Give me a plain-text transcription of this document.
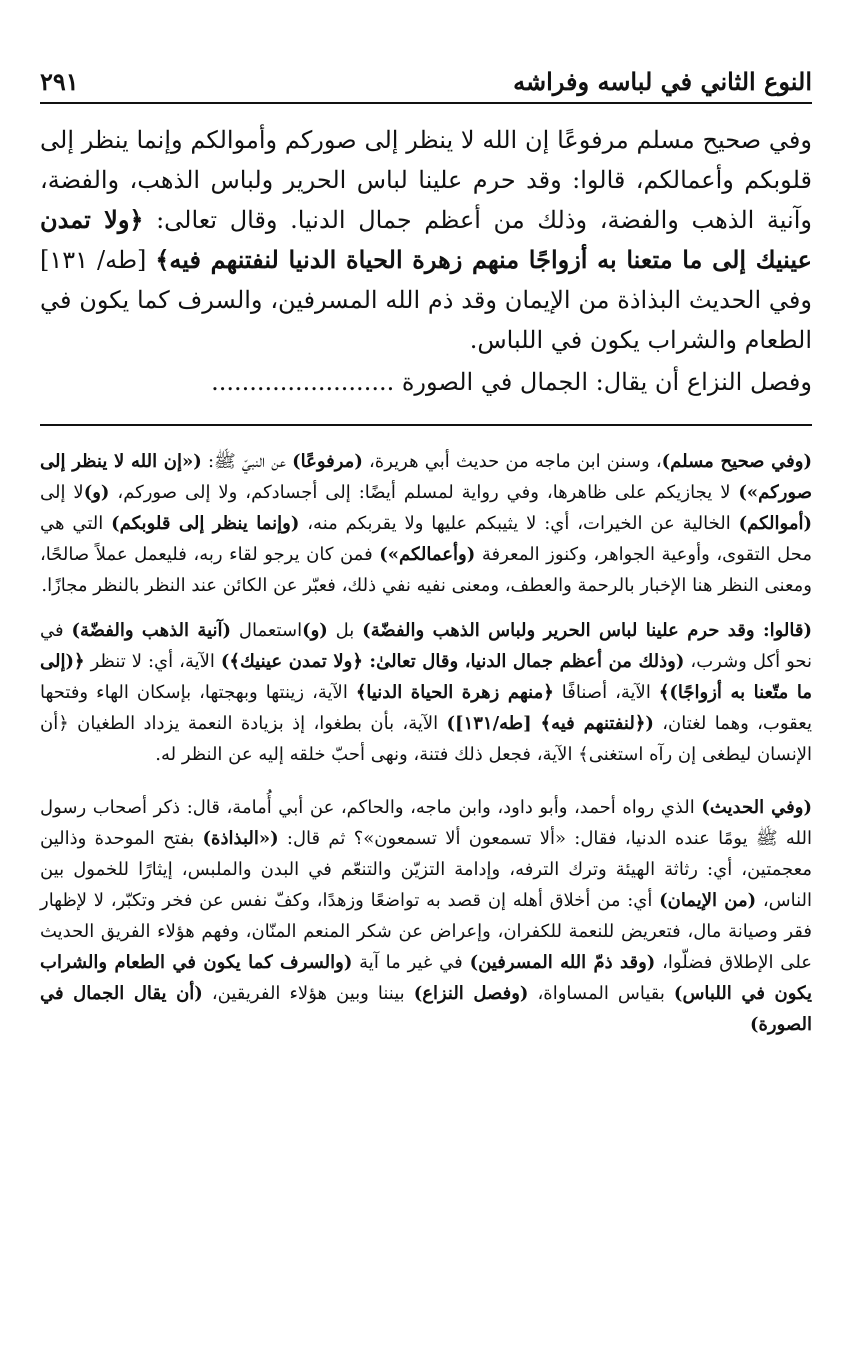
النوع الثاني في لباسه وفراشه
٢٩١

وفي صحيح مسلم مرفوعًا إن الله لا ينظر إلى صوركم وأموالكم وإنما ينظر إلى قلوبكم وأعمالكم، قالوا: وقد حرم علينا لباس الحرير ولباس الذهب، والفضة، وآنية الذهب والفضة، وذلك من أعظم جمال الدنيا. وقال تعالى: ﴿ولا تمدن عينيك إلى ما متعنا به أزواجًا منهم زهرة الحياة الدنيا لنفتنهم فيه﴾ [طه/ ١٣١] وفي الحديث البذاذة من الإيمان وقد ذم الله المسرفين، والسرف كما يكون في الطعام والشراب يكون في اللباس.

وفصل النزاع أن يقال: الجمال في الصورة ........................

(وفي صحيح مسلم)، وسنن ابن ماجه من حديث أبي هريرة، (مرفوعًا) عن النبيّ ﷺ: («إن الله لا ينظر إلى صوركم») لا يجازيكم على ظاهرها، وفي رواية لمسلم أيضًا: إلى أجسادكم، ولا إلى صوركم، (و)لا إلى (أموالكم) الخالية عن الخيرات، أي: لا يثيبكم عليها ولا يقربكم منه، (وإنما ينظر إلى قلوبكم) التي هي محل التقوى، وأوعية الجواهر، وكنوز المعرفة (وأعمالكم») فمن كان يرجو لقاء ربه، فليعمل عملاً صالحًا، ومعنى النظر هنا الإخبار بالرحمة والعطف، ومعنى نفيه نفي ذلك، فعبّر عن الكائن عند النظر بالنظر مجازًا.

(قالوا: وقد حرم علينا لباس الحرير ولباس الذهب والفضّة) بل (و)استعمال (آنية الذهب والفضّة) في نحو أكل وشرب، (وذلك من أعظم جمال الدنيا، وقال تعالىٰ: ﴿ولا تمدن عينيك﴾) الآية، أي: لا تنظر ﴿(إلى ما متّعنا به أزواجًا)﴾ الآية، أصنافًا ﴿منهم زهرة الحياة الدنيا﴾ الآية، زينتها وبهجتها، بإسكان الهاء وفتحها يعقوب، وهما لغتان، (﴿لنفتنهم فيه﴾ [طه/١٣١]) الآية، بأن بطغوا، إذ بزيادة النعمة يزداد الطغيان ﴿أن الإنسان ليطغى إن رآه استغنى﴾ الآية، فجعل ذلك فتنة، ونهى أحبّ خلقه إليه عن النظر له.

(وفي الحديث) الذي رواه أحمد، وأبو داود، وابن ماجه، والحاكم، عن أبي أُمامة، قال: ذكر أصحاب رسول الله ﷺ يومًا عنده الدنيا، فقال: «ألا تسمعون ألا تسمعون»؟ ثم قال: («البذاذة) بفتح الموحدة وذالين معجمتين، أي: رثاثة الهيئة وترك الترفه، وإدامة التزيّن والتنعّم في البدن والملبس، إيثارًا للخمول بين الناس، (من الإيمان) أي: من أخلاق أهله إن قصد به تواضعًا وزهدًا، وكفّ نفس عن فخر وتكبّر، لا لإظهار فقر وصيانة مال، فتعريض للنعمة للكفران، وإعراض عن شكر المنعم المنّان، وفهم هؤلاء الفريق الحديث على الإطلاق فضلّوا، (وقد ذمّ الله المسرفين) في غير ما آية (والسرف كما يكون في الطعام والشراب يكون في اللباس) بقياس المساواة، (وفصل النزاع) بيننا وبين هؤلاء الفريقين، (أن يقال الجمال في الصورة)
